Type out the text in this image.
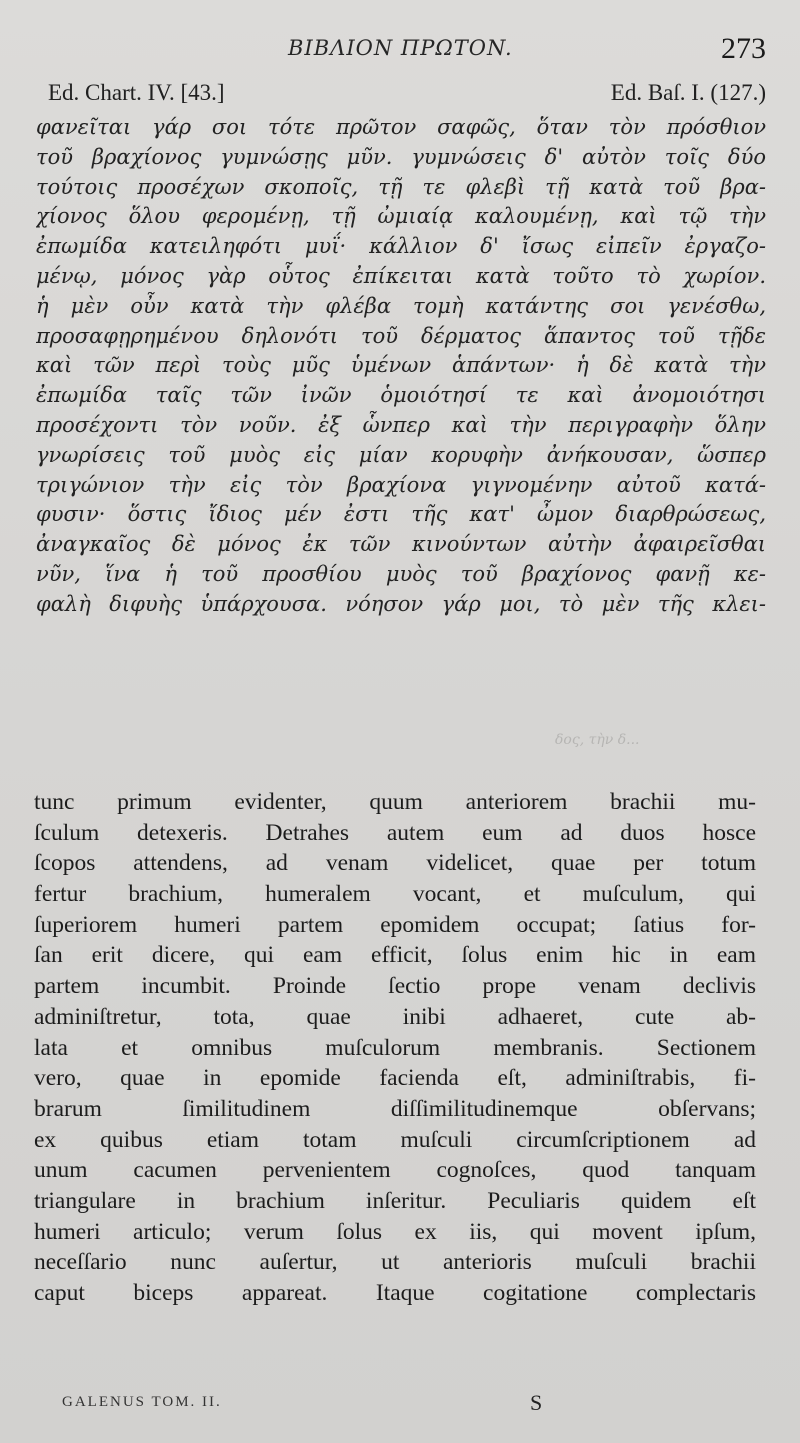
BIBΛION ΠPΩTON.	273
Ed. Chart. IV. [43.]	Ed. Baſ. I. (127.)
φανεῖται γάρ σοι τότε πρῶτον σαφῶς, ὅταν τὸν πρόσθιον
τοῦ βραχίονος γυμνώσῃς μῦν. γυμνώσεις δ' αὐτὸν τοῖς δύο
τούτοις προσέχων σκοποῖς, τῇ τε φλεβὶ τῇ κατὰ τοῦ βρα-
χίονος ὅλου φερομένῃ, τῇ ὠμιαίᾳ καλουμένῃ, καὶ τῷ τὴν
ἐπωμίδα κατειληφότι μυΐ· κάλλιον δ' ἴσως εἰπεῖν ἐργαζο-
μένῳ, μόνος γὰρ οὗτος ἐπίκειται κατὰ τοῦτο τὸ χωρίον.
ἡ μὲν οὖν κατὰ τὴν φλέβα τομὴ κατάντης σοι γενέσθω,
προσαφῃρημένου δηλονότι τοῦ δέρματος ἅπαντος τοῦ τῇδε
καὶ τῶν περὶ τοὺς μῦς ὑμένων ἁπάντων· ἡ δὲ κατὰ τὴν
ἐπωμίδα ταῖς τῶν ἰνῶν ὁμοιότησί τε καὶ ἀνομοιότησι
προσέχοντι τὸν νοῦν. ἐξ ὧνπερ καὶ τὴν περιγραφὴν ὅλην
γνωρίσεις τοῦ μυὸς εἰς μίαν κορυφὴν ἀνήκουσαν, ὥσπερ
τριγώνιον τὴν εἰς τὸν βραχίονα γιγνομένην αὐτοῦ κατά-
φυσιν· ὅστις ἴδιος μέν ἐστι τῆς κατ' ὦμον διαρθρώσεως,
ἀναγκαῖος δὲ μόνος ἐκ τῶν κινούντων αὐτὴν ἀφαιρεῖσθαι
νῦν, ἵνα ἡ τοῦ προσθίου μυὸς τοῦ βραχίονος φανῇ κε-
φαλὴ διφυὴς ὑπάρχουσα. νόησον γάρ μοι, τὸ μὲν τῆς κλει-
δος, τὴν δ...
tunc primum evidenter, quum anteriorem brachii mu-
ſculum detexeris. Detrahes autem eum ad duos hosce
ſcopos attendens, ad venam videlicet, quae per totum
fertur brachium, humeralem vocant, et muſculum, qui
ſuperiorem humeri partem epomidem occupat; ſatius for-
ſan erit dicere, qui eam efficit, ſolus enim hic in eam
partem incumbit. Proinde ſectio prope venam declivis
adminiſtretur, tota, quae inibi adhaeret, cute ab-
lata et omnibus muſculorum membranis. Sectionem
vero, quae in epomide facienda eſt, adminiſtrabis, fi-
brarum ſimilitudinem diſſimilitudinemque obſervans;
ex quibus etiam totam muſculi circumſcriptionem ad
unum cacumen pervenientem cognoſces, quod tanquam
triangulare in brachium inſeritur. Peculiaris quidem eſt
humeri articulo; verum ſolus ex iis, qui movent ipſum,
neceſſario nunc auſertur, ut anterioris muſculi brachii
caput biceps appareat. Itaque cogitatione complectaris
GALENUS TOM. II.	S
